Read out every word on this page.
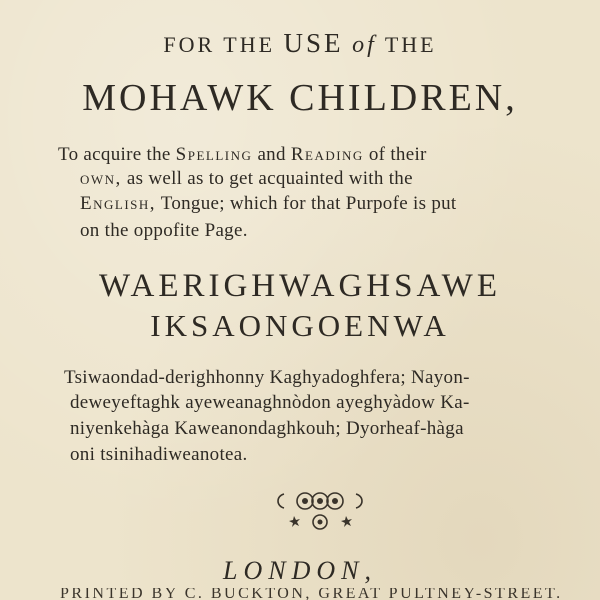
FOR THE USE of THE
MOHAWK CHILDREN,
To acquire the Spelling and Reading of their
own, as well as to get acquainted with the
English, Tongue; which for that Purpofe is put
on the oppofite Page.
WAERIGHWAGHSAWE
IKSAONGOENWA
Tsiwaondad-derighhonny Kaghyadoghfera; Nayon-
deweyeftaghk ayeweanaghnòdon ayeghyàdow Ka-
niyenkehàga Kaweanondaghkouh; Dyorheaf-hàga
oni tsinihadiweanotea.
LONDON,
PRINTED BY C. BUCKTON, GREAT PULTNEY-STREET.
